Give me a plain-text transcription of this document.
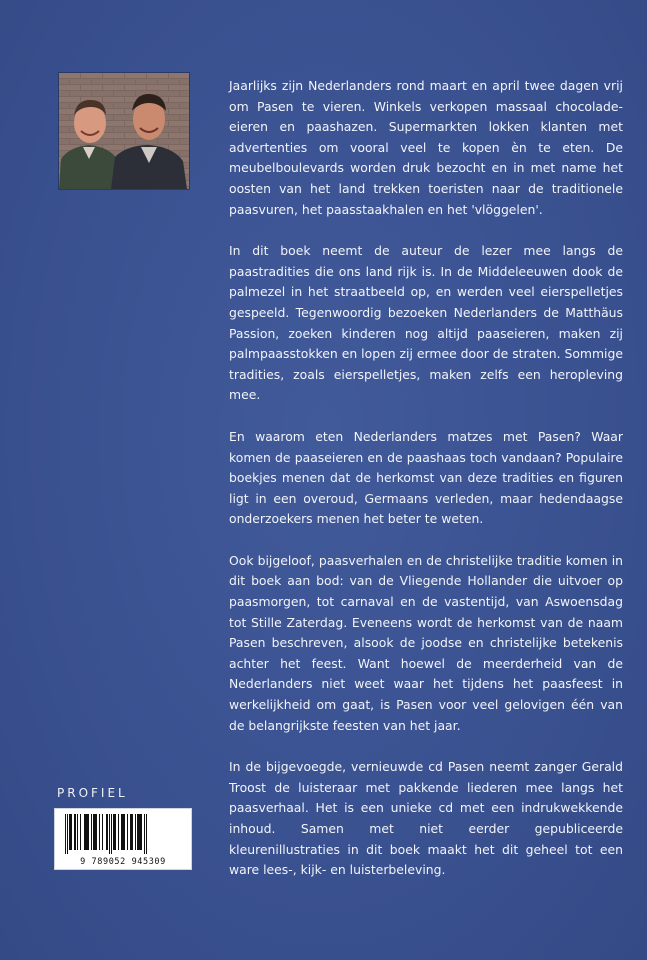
Jaarlijks zijn Nederlanders rond maart en april twee dagen vrij om Pasen te vieren. Winkels verkopen massaal chocolade-eieren en paashazen. Supermarkten lokken klanten met advertenties om vooral veel te kopen èn te eten. De meubelboulevards worden druk bezocht en in met name het oosten van het land trekken toeristen naar de traditionele paasvuren, het paasstaakhalen en het 'vlöggelen'.

In dit boek neemt de auteur de lezer mee langs de paastradities die ons land rijk is. In de Middeleeuwen dook de palmezel in het straatbeeld op, en werden veel eierspelletjes gespeeld. Tegenwoordig bezoeken Nederlanders de Matthäus Passion, zoeken kinderen nog altijd paaseieren, maken zij palmpaasstokken en lopen zij ermee door de straten. Sommige tradities, zoals eierspelletjes, maken zelfs een heropleving mee.

En waarom eten Nederlanders matzes met Pasen? Waar komen de paaseieren en de paashaas toch vandaan? Populaire boekjes menen dat de herkomst van deze tradities en figuren ligt in een overoud, Germaans verleden, maar hedendaagse onderzoekers menen het beter te weten.

Ook bijgeloof, paasverhalen en de christelijke traditie komen in dit boek aan bod: van de Vliegende Hollander die uitvoer op paasmorgen, tot carnaval en de vastentijd, van Aswoensdag tot Stille Zaterdag. Eveneens wordt de herkomst van de naam Pasen beschreven, alsook de joodse en christelijke betekenis achter het feest. Want hoewel de meerderheid van de Nederlanders niet weet waar het tijdens het paasfeest in werkelijkheid om gaat, is Pasen voor veel gelovigen één van de belangrijkste feesten van het jaar.

In de bijgevoegde, vernieuwde cd Pasen neemt zanger Gerald Troost de luisteraar met pakkende liederen mee langs het paasverhaal. Het is een unieke cd met een indrukwekkende inhoud. Samen met niet eerder gepubliceerde kleurenillustraties in dit boek maakt het dit geheel tot een ware lees-, kijk- en luisterbeleving.

PROFIEL
9 789052 945309
